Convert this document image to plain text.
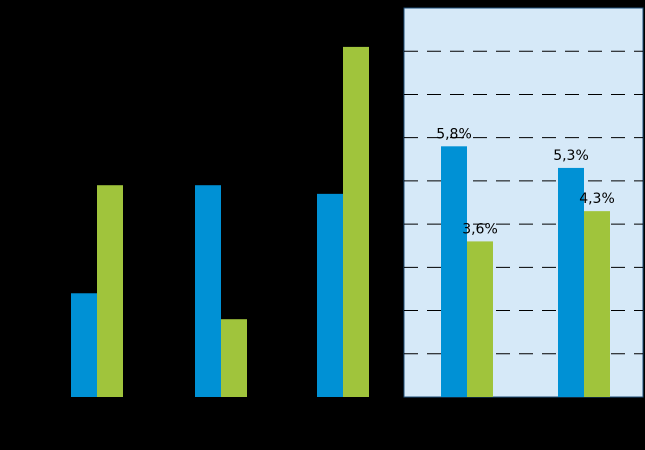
5,8%
5,3%
3,6%
4,3%
